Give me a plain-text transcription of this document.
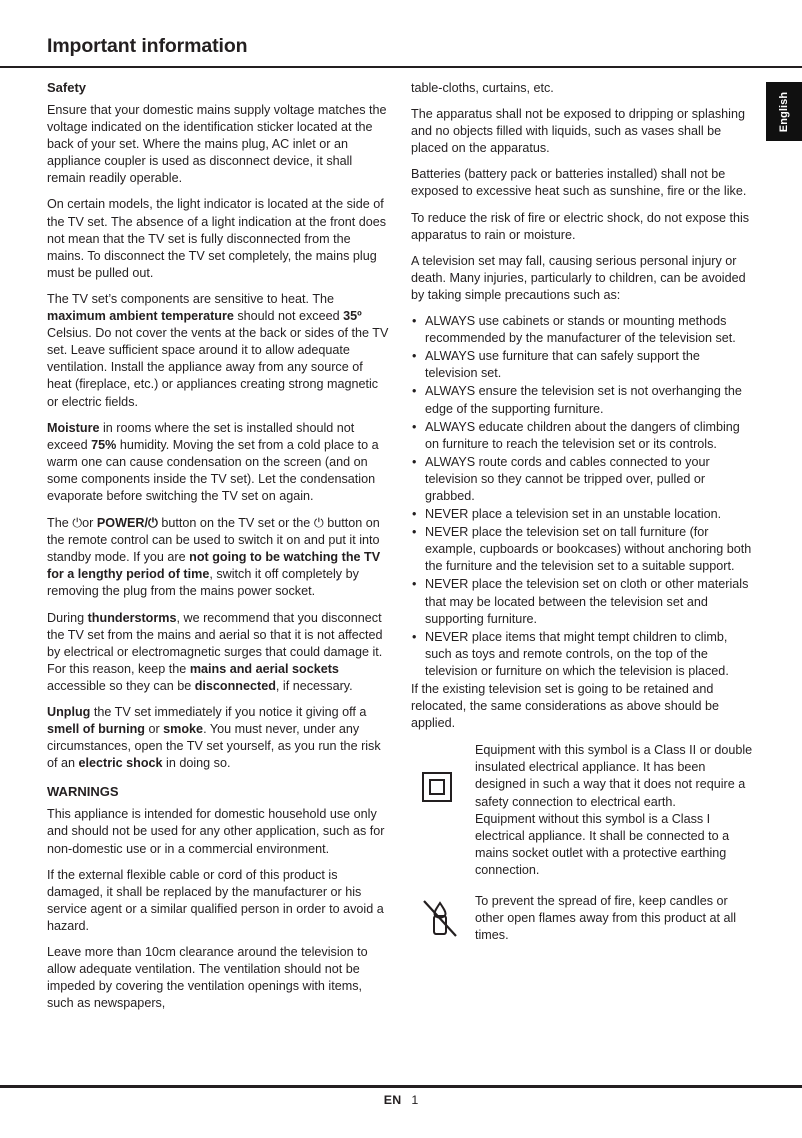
Important information
English
Safety

Ensure that your domestic mains supply voltage matches the voltage indicated on the identification sticker located at the back of your set. Where the mains plug, AC inlet or an appliance coupler is used as disconnect device, it shall remain readily operable.

On certain models, the light indicator is located at the side of the TV set. The absence of a light indication at the front does not mean that the TV set is fully disconnected from the mains. To disconnect the TV set completely, the mains plug must be pulled out.

The TV set’s components are sensitive to heat. The maximum ambient temperature should not exceed 35º Celsius. Do not cover the vents at the back or sides of the TV set. Leave sufficient space around it to allow adequate ventilation. Install the appliance away from any source of heat (fireplace, etc.) or appliances creating strong magnetic or electric fields.

Moisture in rooms where the set is installed should not exceed 75% humidity. Moving the set from a cold place to a warm one can cause condensation on the screen (and on some components inside the TV set). Let the condensation evaporate before switching the TV set on again.

The ⏻or POWER/⏻ button on the TV set or the ⏻ button on the remote control can be used to switch it on and put it into standby mode. If you are not going to be watching the TV for a lengthy period of time, switch it off completely by removing the plug from the mains power socket.

During thunderstorms, we recommend that you disconnect the TV set from the mains and aerial so that it is not affected by electrical or electromagnetic surges that could damage it. For this reason, keep the mains and aerial sockets accessible so they can be disconnected, if necessary.

Unplug the TV set immediately if you notice it giving off a smell of burning or smoke. You must never, under any circumstances, open the TV set yourself, as you run the risk of an electric shock in doing so.

WARNINGS

This appliance is intended for domestic household use only and should not be used for any other application, such as for non-domestic use or in a commercial environment.

If the external flexible cable or cord of this product is damaged, it shall be replaced by the manufacturer or his service agent or a similar qualified person in order to avoid a hazard.

Leave more than 10cm clearance around the television to allow adequate ventilation. The ventilation should not be impeded by covering the ventilation openings with items, such as newspapers,

table-cloths, curtains, etc.

The apparatus shall not be exposed to dripping or splashing and no objects filled with liquids, such as vases shall be placed on the apparatus.

Batteries (battery pack or batteries installed) shall not be exposed to excessive heat such as sunshine, fire or the like.

To reduce the risk of fire or electric shock, do not expose this apparatus to rain or moisture.

A television set may fall, causing serious personal injury or death. Many injuries, particularly to children, can be avoided by taking simple precautions such as:

• ALWAYS use cabinets or stands or mounting methods recommended by the manufacturer of the television set.
• ALWAYS use furniture that can safely support the television set.
• ALWAYS ensure the television set is not overhanging the edge of the supporting furniture.
• ALWAYS educate children about the dangers of climbing on furniture to reach the television set or its controls.
• ALWAYS route cords and cables connected to your television so they cannot be tripped over, pulled or grabbed.
• NEVER place a television set in an unstable location.
• NEVER place the television set on tall furniture (for example, cupboards or bookcases) without anchoring both the furniture and the television set to a suitable support.
• NEVER place the television set on cloth or other materials that may be located between the television set and supporting furniture.
• NEVER place items that might tempt children to climb, such as toys and remote controls, on the top of the television or furniture on which the television is placed.

If the existing television set is going to be retained and relocated, the same considerations as above should be applied.

Equipment with this symbol is a Class II or double insulated electrical appliance. It has been designed in such a way that it does not require a safety connection to electrical earth.

Equipment without this symbol is a Class I electrical appliance. It shall be connected to a mains socket outlet with a protective earthing connection.

To prevent the spread of fire, keep candles or other open flames away from this product at all times.

EN 1
